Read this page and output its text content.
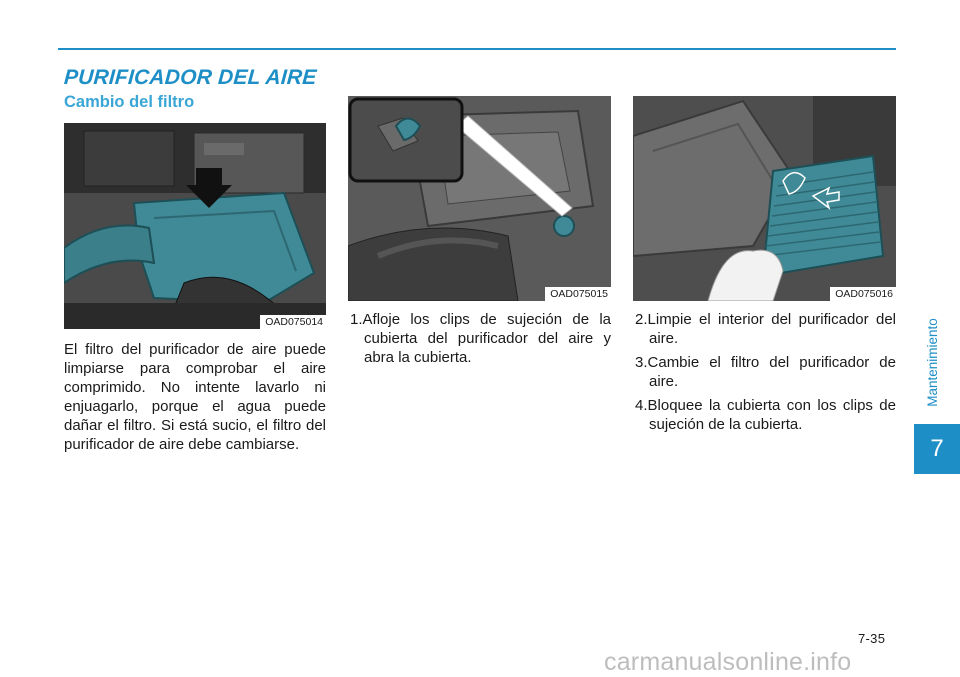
PURIFICADOR DEL AIRE
Cambio del filtro
OAD075014
OAD075015	OAD075016

El filtro del purificador de aire puede limpiarse para comprobar el aire comprimido. No intente lavarlo ni enjuagarlo, porque el agua puede dañar el filtro. Si está sucio, el filtro del purificador de aire debe cambiarse.

1.Afloje los clips de sujeción de la cubierta del purificador del aire y abra la cubierta.
2.Limpie el interior del purificador del aire.
3.Cambie el filtro del purificador de aire.
4.Bloquee la cubierta con los clips de sujeción de la cubierta.
Mantenimiento
7
7-35
carmanualsonline.info
